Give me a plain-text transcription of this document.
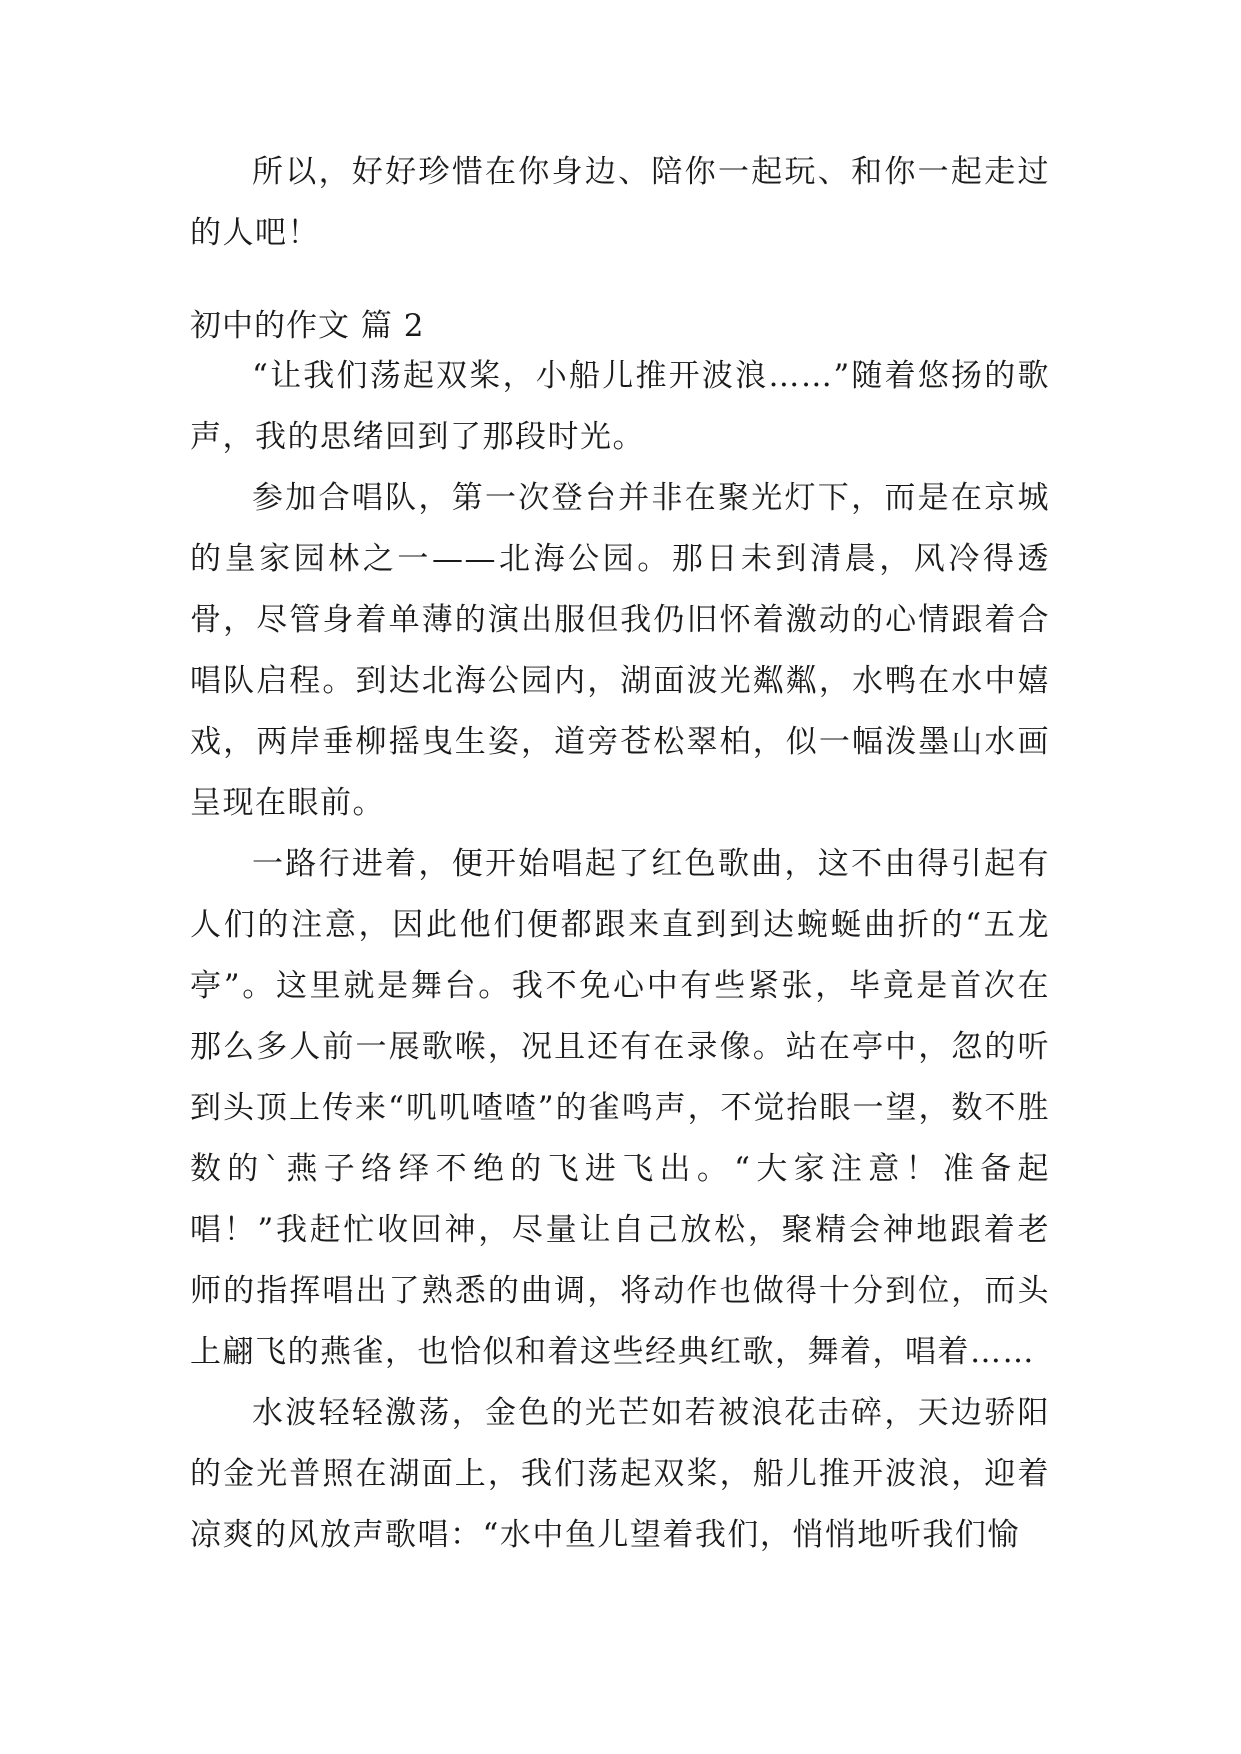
所以，好好珍惜在你身边、陪你一起玩、和你一起走过的人吧！

初中的作文 篇 2

“让我们荡起双桨，小船儿推开波浪……”随着悠扬的歌声，我的思绪回到了那段时光。

参加合唱队，第一次登台并非在聚光灯下，而是在京城的皇家园林之一——北海公园。那日未到清晨，风冷得透骨，尽管身着单薄的演出服但我仍旧怀着激动的心情跟着合唱队启程。到达北海公园内，湖面波光粼粼，水鸭在水中嬉戏，两岸垂柳摇曳生姿，道旁苍松翠柏，似一幅泼墨山水画呈现在眼前。

一路行进着，便开始唱起了红色歌曲，这不由得引起有人们的注意，因此他们便都跟来直到到达蜿蜒曲折的“五龙亭”。这里就是舞台。我不免心中有些紧张，毕竟是首次在那么多人前一展歌喉，况且还有在录像。站在亭中，忽的听到头顶上传来“叽叽喳喳”的雀鸣声，不觉抬眼一望，数不胜数的`燕子络绎不绝的飞进飞出。“大家注意！准备起唱！”我赶忙收回神，尽量让自己放松，聚精会神地跟着老师的指挥唱出了熟悉的曲调，将动作也做得十分到位，而头上翩飞的燕雀，也恰似和着这些经典红歌，舞着，唱着……

水波轻轻激荡，金色的光芒如若被浪花击碎，天边骄阳的金光普照在湖面上，我们荡起双桨，船儿推开波浪，迎着凉爽的风放声歌唱：“水中鱼儿望着我们，悄悄地听我们愉
